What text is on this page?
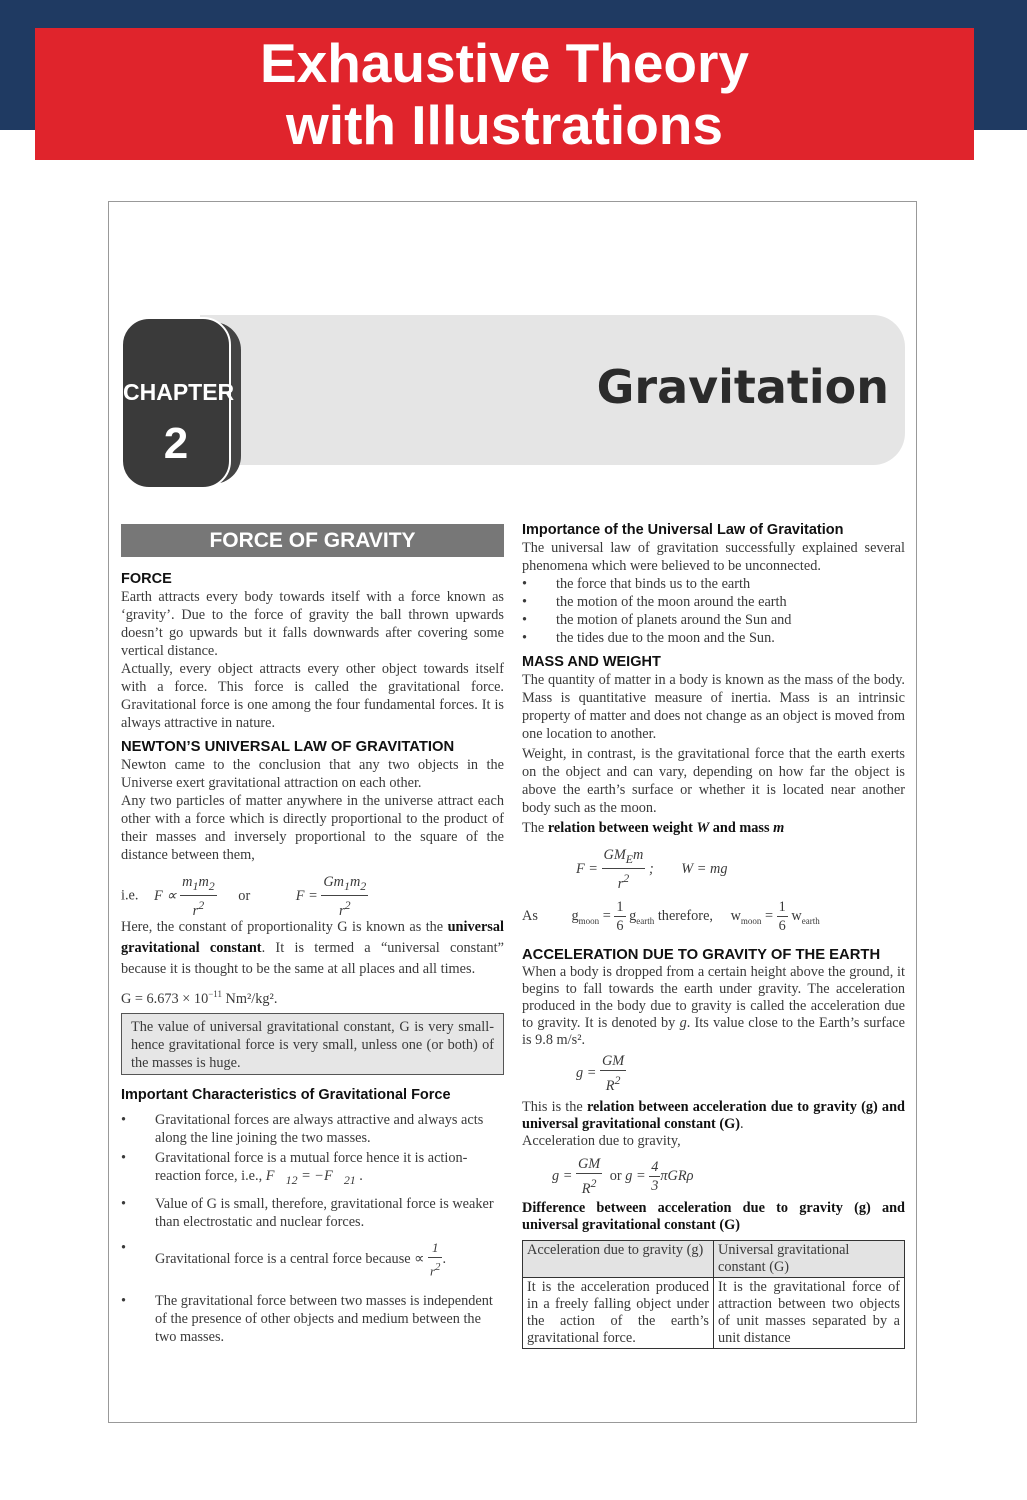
Exhaustive Theory
with Illustrations
Gravitation
CHAPTER
2
FORCE OF GRAVITY

FORCE

Earth attracts every body towards itself with a force known as ‘gravity’. Due to the force of gravity the ball thrown upwards doesn’t go upwards but it falls downwards after covering some vertical distance.

Actually, every object attracts every other object towards itself with a force. This force is called the gravitational force. Gravitational force is one among the four fundamental forces. It is always attractive in nature.

NEWTON’S UNIVERSAL LAW OF GRAVITATION

Newton came to the conclusion that any two objects in the Universe exert gravitational attraction on each other.

Any two particles of matter anywhere in the universe attract each other with a force which is directly proportional to the product of their masses and inversely proportional to the square of the distance between them,

i.e. $F \propto \frac{m_1m_2}{r^2}$ or	$F = \frac{Gm_1m_2}{r^2}$

Here, the constant of proportionality G is known as the universal gravitational constant. It is termed a “universal constant” because it is thought to be the same at all places and all times.

$G = 6.673 \times 10^{-11}$ Nm²/kg².

The value of universal gravitational constant, G is very small- hence gravitational force is very small, unless one (or both) of the masses is huge.

Important Characteristics of Gravitational Force

• Gravitational forces are always attractive and always acts along the line joining the two masses.
• Gravitational force is a mutual force hence it is action-reaction force, i.e., $F⃗_{12}$ = $-F⃗_{21}$ .
• Value of G is small, therefore, gravitational force is weaker than electrostatic and nuclear forces.
•
Gravitational force is a central force because ∝ $\frac{1}{r^2}$ .
• The gravitational force between two masses is independent of the presence of other objects and medium between the two masses.

Importance of the Universal Law of Gravitation

The universal law of gravitation successfully explained several phenomena which were believed to be unconnected.

• the force that binds us to the earth
• the motion of the moon around the earth
• the motion of planets around the Sun and
• the tides due to the moon and the Sun.

MASS AND WEIGHT

The quantity of matter in a body is known as the mass of the body. Mass is quantitative measure of inertia. Mass is an intrinsic property of matter and does not change as an object is moved from one location to another.

Weight, in contrast, is the gravitational force that the earth exerts on the object and can vary, depending on how far the object is above the earth’s surface or whether it is located near another body such as the moon.

The relation between weight W and mass m

$F = \frac{GM_Em}{r^2}$ ; W = mg
As $g_{moon} = \frac{1}{6} g_{earth}$ therefore, $w_{moon} = \frac{1}{6} w_{earth}$

ACCELERATION DUE TO GRAVITY OF THE EARTH

When a body is dropped from a certain height above the ground, it begins to fall towards the earth under gravity. The acceleration produced in the body due to gravity is called the acceleration due to gravity. It is denoted by g. Its value close to the Earth’s surface is 9.8 m/s².

$g = \frac{GM}{R^2}$

This is the relation between acceleration due to gravity (g) and universal gravitational constant (G).

Acceleration due to gravity,

$g = \frac{GM}{R^2}$ or $g = \frac{4}{3}$ πGRρ

Difference between acceleration due to gravity (g) and universal gravitational constant (G)

Acceleration due to gravity (g)	Universal gravitational constant (G)
It is the acceleration produced in a freely falling object under the action of the earth’s gravitational force.	It is the gravitational force of attraction between two objects of unit masses separated by a unit distance
